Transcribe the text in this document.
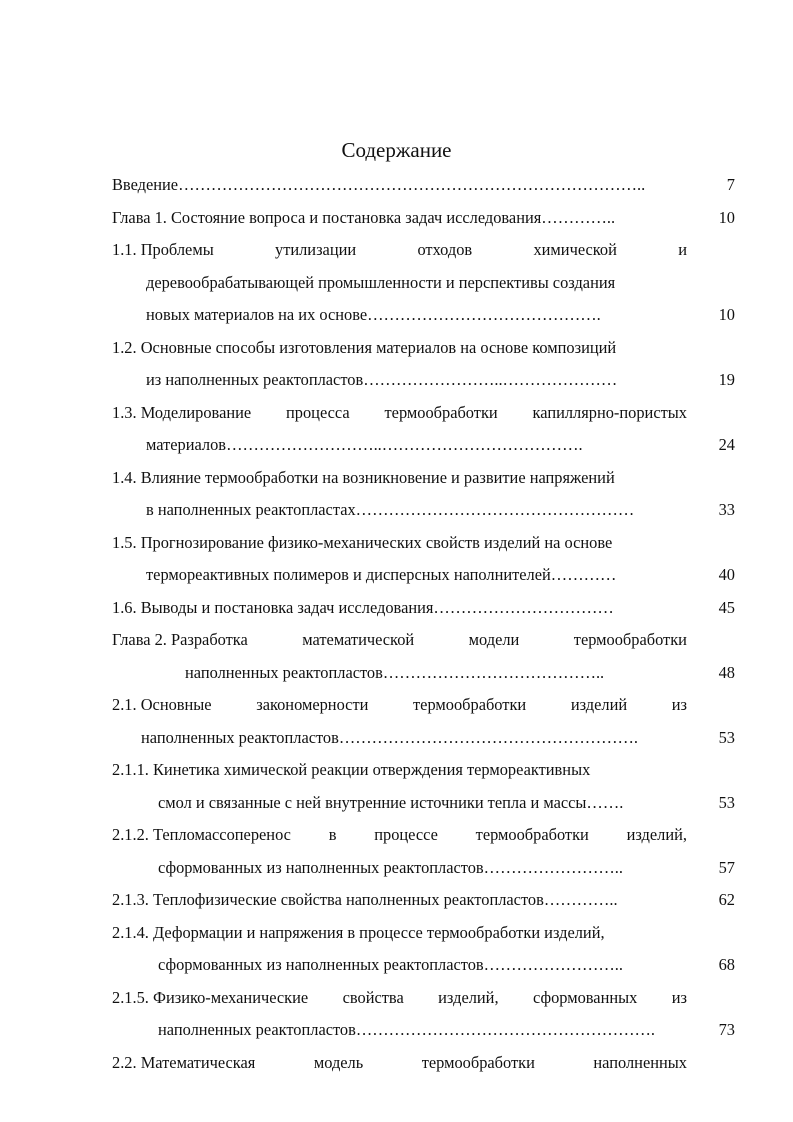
Содержание
Введение…………………………………………………………………………..	7
Глава 1. Состояние вопроса и постановка задач исследования…………..	10
1.1. Проблемы	утилизации	отходов	химической	и
деревообрабатывающей промышленности и перспективы создания
новых материалов на их основе…………………………………….	10
1.2. Основные способы изготовления материалов на основе композиций
из наполненных реактопластов……………………..…………………	19
1.3. Моделирование процесса термообработки капиллярно-пористых
материалов………………………..……………………………….	24
1.4. Влияние термообработки на возникновение и развитие напряжений
в наполненных реактопластах……………………………………………	33
1.5. Прогнозирование физико-механических свойств изделий на основе
термореактивных полимеров и дисперсных наполнителей…………	40
1.6. Выводы и постановка задач исследования……………………………	45
Глава 2. Разработка	математической	модели	термообработки
наполненных реактопластов…………………………………..	48
2.1. Основные	закономерности	термообработки	изделий	из
наполненных реактопластов……………………………………………….	53
2.1.1. Кинетика химической реакции отверждения термореактивных
смол и связанные с ней внутренние источники тепла и массы…….	53
2.1.2. Тепломассоперенос в процессе термообработки изделий,
сформованных из наполненных реактопластов……………………..	57
2.1.3. Теплофизические свойства наполненных реактопластов…………..	62
2.1.4. Деформации и напряжения в процессе термообработки изделий,
сформованных из наполненных реактопластов……………………..	68
2.1.5. Физико-механические свойства изделий, сформованных из
наполненных реактопластов……………………………………………….	73
2.2. Математическая	модель	термообработки	наполненных
